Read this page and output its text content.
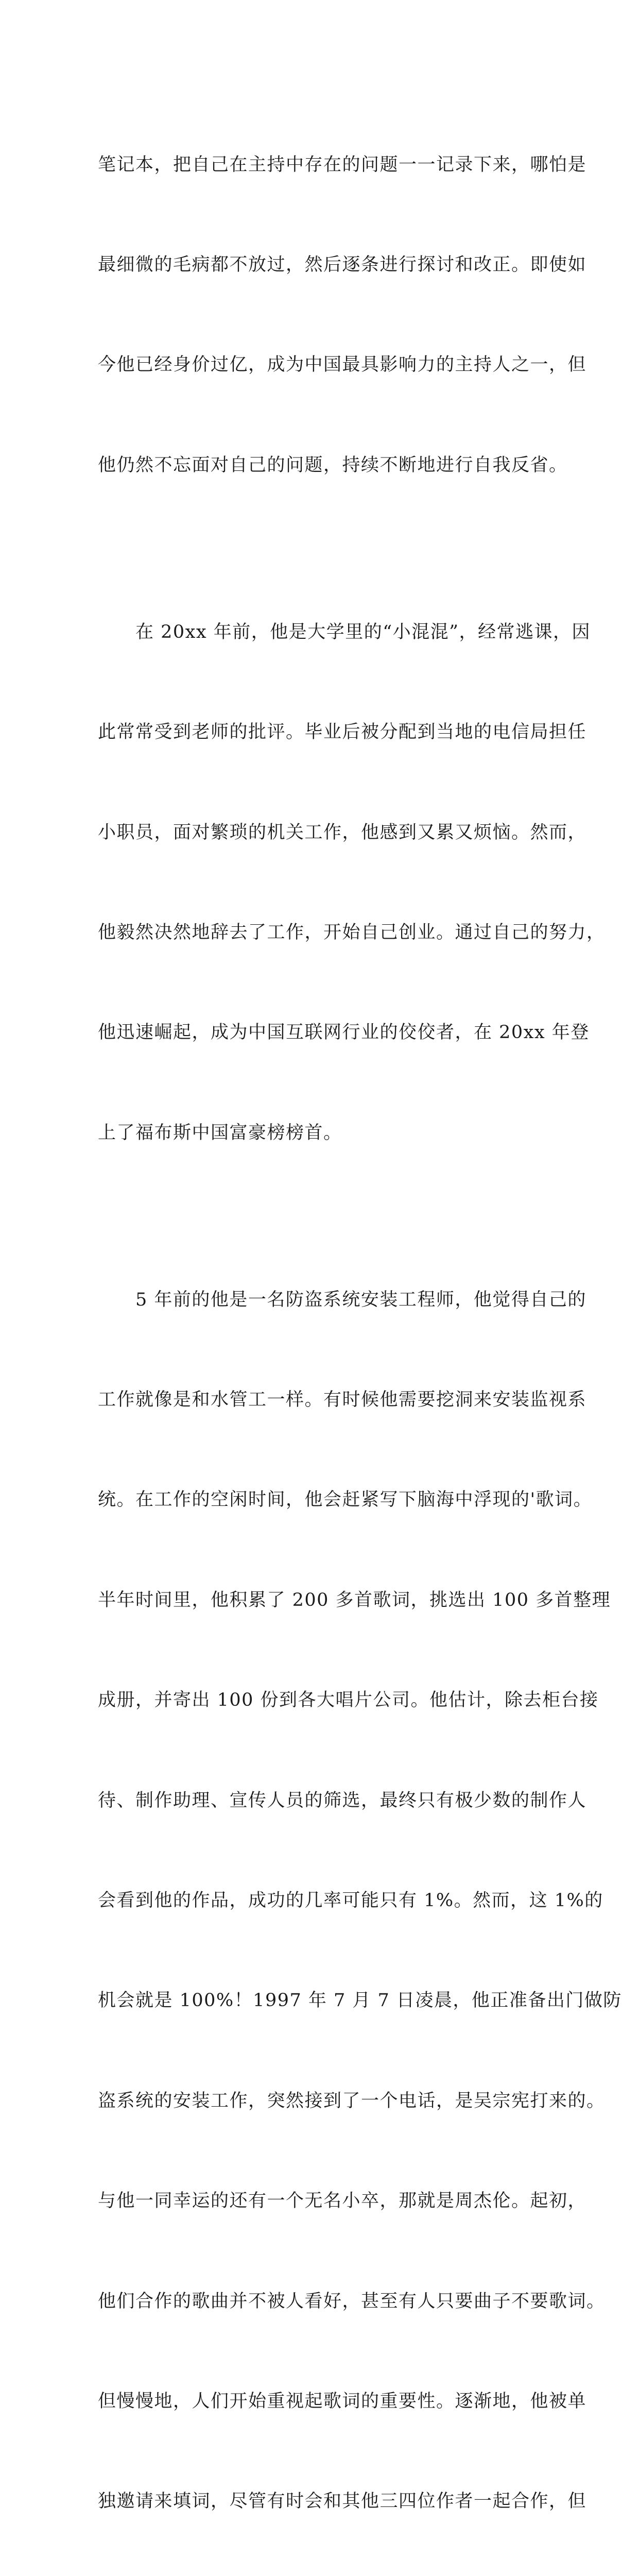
笔记本，把自己在主持中存在的问题一一记录下来，哪怕是

最细微的毛病都不放过，然后逐条进行探讨和改正。即使如

今他已经身价过亿，成为中国最具影响力的主持人之一，但

他仍然不忘面对自己的问题，持续不断地进行自我反省。

　　在 20xx 年前，他是大学里的“小混混”，经常逃课，因

此常常受到老师的批评。毕业后被分配到当地的电信局担任

小职员，面对繁琐的机关工作，他感到又累又烦恼。然而，

他毅然决然地辞去了工作，开始自己创业。通过自己的努力，

他迅速崛起，成为中国互联网行业的佼佼者，在 20xx 年登

上了福布斯中国富豪榜榜首。

　　5 年前的他是一名防盗系统安装工程师，他觉得自己的

工作就像是和水管工一样。有时候他需要挖洞来安装监视系

统。在工作的空闲时间，他会赶紧写下脑海中浮现的'歌词。

半年时间里，他积累了 200 多首歌词，挑选出 100 多首整理

成册，并寄出 100 份到各大唱片公司。他估计，除去柜台接

待、制作助理、宣传人员的筛选，最终只有极少数的制作人

会看到他的作品，成功的几率可能只有 1%。然而，这 1%的

机会就是 100%！1997 年 7 月 7 日凌晨，他正准备出门做防

盗系统的安装工作，突然接到了一个电话，是吴宗宪打来的。

与他一同幸运的还有一个无名小卒，那就是周杰伦。起初，

他们合作的歌曲并不被人看好，甚至有人只要曲子不要歌词。

但慢慢地，人们开始重视起歌词的重要性。逐渐地，他被单

独邀请来填词，尽管有时会和其他三四位作者一起合作，但
